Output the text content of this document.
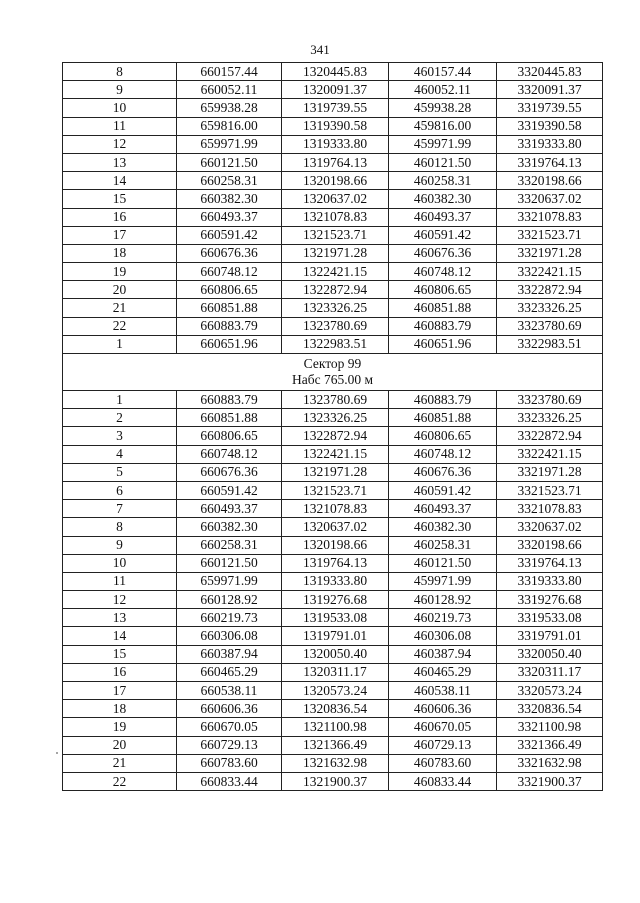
341
8	660157.44	1320445.83	460157.44	3320445.83
9	660052.11	1320091.37	460052.11	3320091.37
10	659938.28	1319739.55	459938.28	3319739.55
11	659816.00	1319390.58	459816.00	3319390.58
12	659971.99	1319333.80	459971.99	3319333.80
13	660121.50	1319764.13	460121.50	3319764.13
14	660258.31	1320198.66	460258.31	3320198.66
15	660382.30	1320637.02	460382.30	3320637.02
16	660493.37	1321078.83	460493.37	3321078.83
17	660591.42	1321523.71	460591.42	3321523.71
18	660676.36	1321971.28	460676.36	3321971.28
19	660748.12	1322421.15	460748.12	3322421.15
20	660806.65	1322872.94	460806.65	3322872.94
21	660851.88	1323326.25	460851.88	3323326.25
22	660883.79	1323780.69	460883.79	3323780.69
1	660651.96	1322983.51	460651.96	3322983.51

Сектор 99
Набс 765.00 м				

1	660883.79	1323780.69	460883.79	3323780.69
2	660851.88	1323326.25	460851.88	3323326.25
3	660806.65	1322872.94	460806.65	3322872.94
4	660748.12	1322421.15	460748.12	3322421.15
5	660676.36	1321971.28	460676.36	3321971.28
6	660591.42	1321523.71	460591.42	3321523.71
7	660493.37	1321078.83	460493.37	3321078.83
8	660382.30	1320637.02	460382.30	3320637.02
9	660258.31	1320198.66	460258.31	3320198.66
10	660121.50	1319764.13	460121.50	3319764.13
11	659971.99	1319333.80	459971.99	3319333.80
12	660128.92	1319276.68	460128.92	3319276.68
13	660219.73	1319533.08	460219.73	3319533.08
14	660306.08	1319791.01	460306.08	3319791.01
15	660387.94	1320050.40	460387.94	3320050.40
16	660465.29	1320311.17	460465.29	3320311.17
17	660538.11	1320573.24	460538.11	3320573.24
18	660606.36	1320836.54	460606.36	3320836.54
19	660670.05	1321100.98	460670.05	3321100.98
20	660729.13	1321366.49	460729.13	3321366.49
21	660783.60	1321632.98	460783.60	3321632.98
22	660833.44	1321900.37	460833.44	3321900.37
